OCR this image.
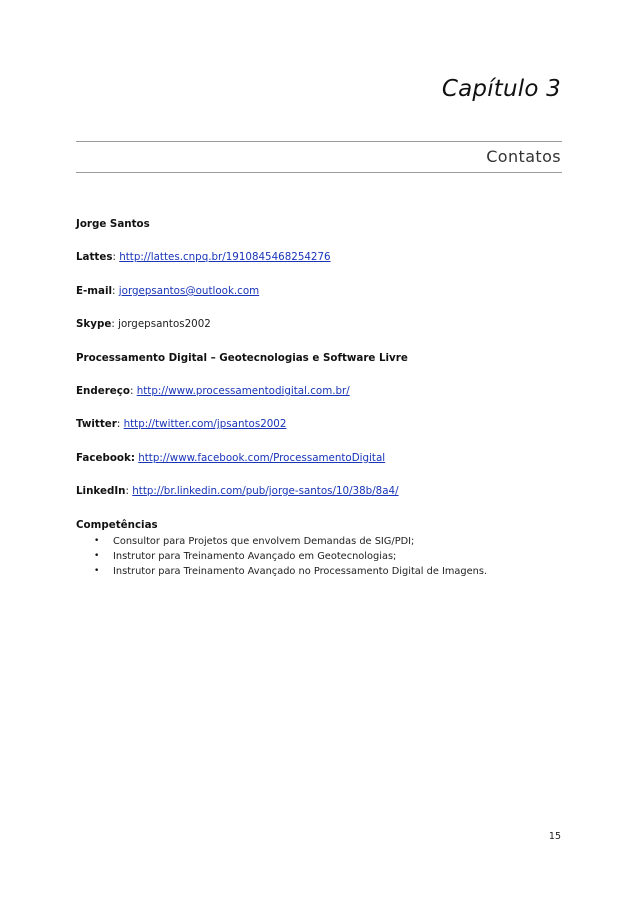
Capítulo 3
Contatos
Jorge Santos
Lattes: http://lattes.cnpq.br/1910845468254276
E-mail: jorgepsantos@outlook.com
Skype: jorgepsantos2002
Processamento Digital – Geotecnologias e Software Livre
Endereço: http://www.processamentodigital.com.br/
Twitter: http://twitter.com/jpsantos2002
Facebook: http://www.facebook.com/ProcessamentoDigital
LinkedIn: http://br.linkedin.com/pub/jorge-santos/10/38b/8a4/
Competências
• Consultor para Projetos que envolvem Demandas de SIG/PDI;
• Instrutor para Treinamento Avançado em Geotecnologias;
• Instrutor para Treinamento Avançado no Processamento Digital de Imagens.
15
